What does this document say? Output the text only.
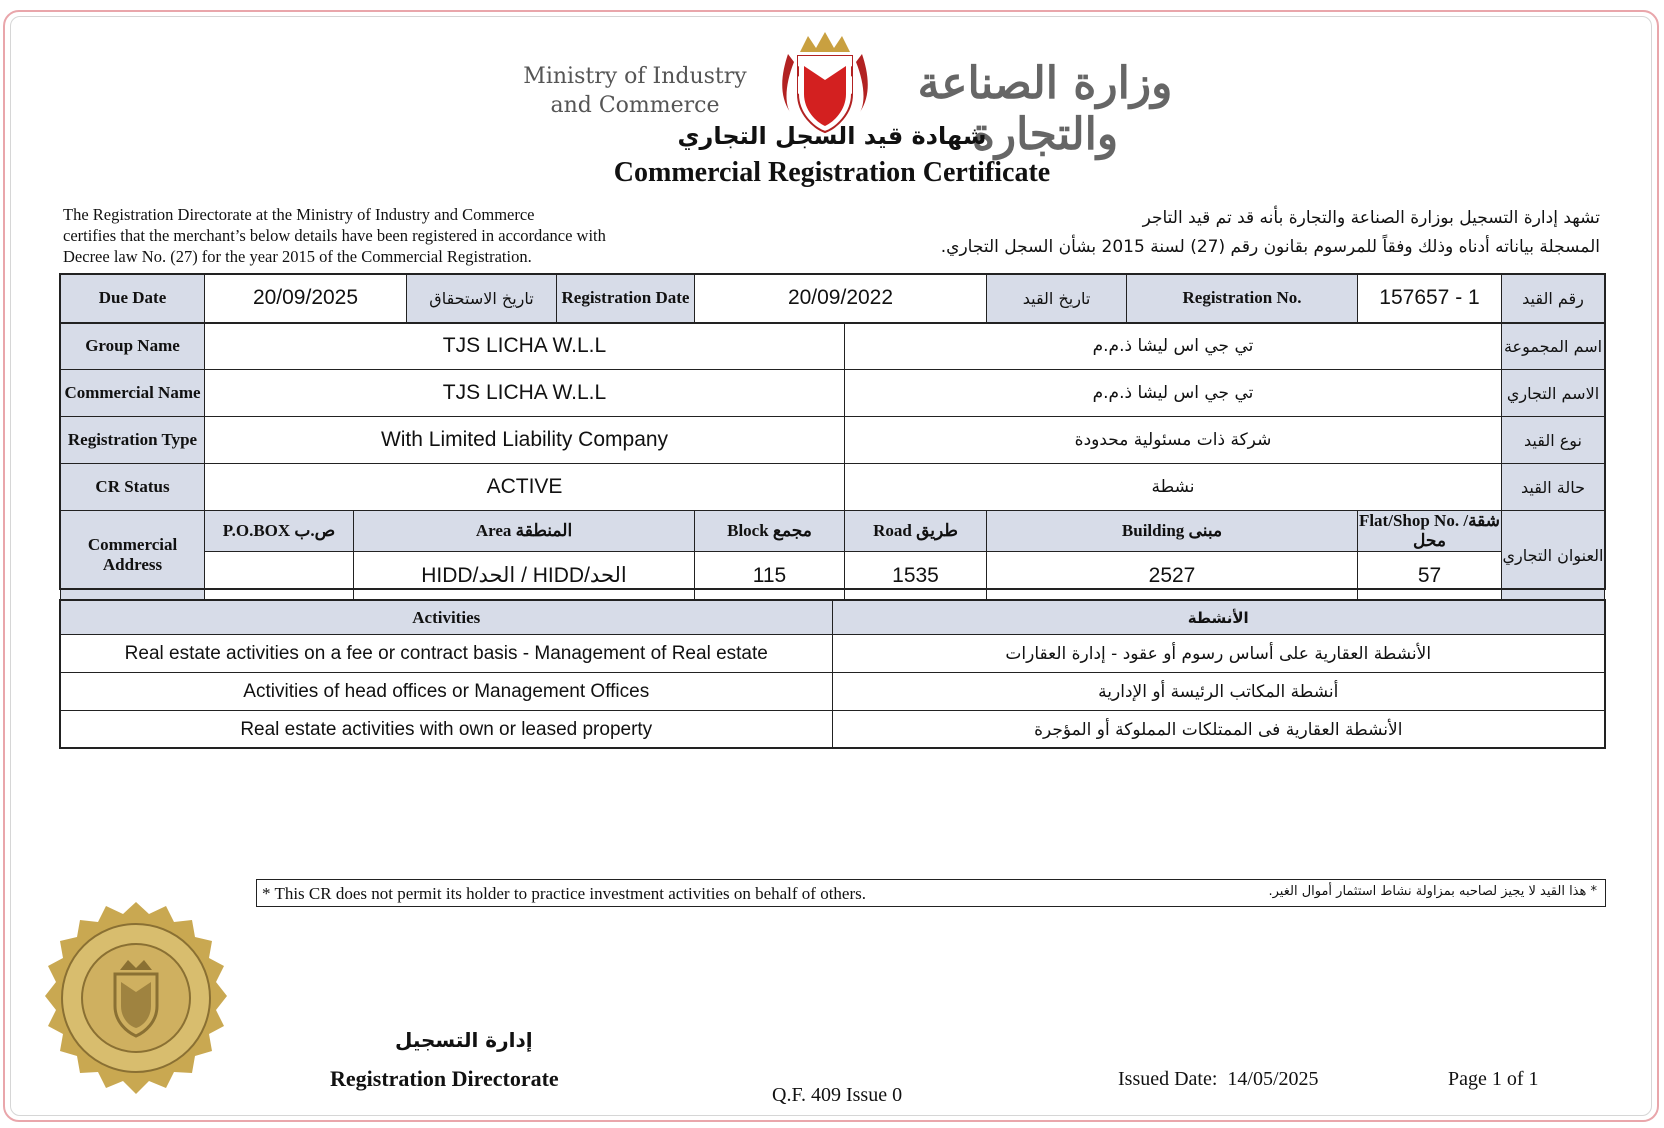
Ministry of Industry
and Commerce	وزارة الصناعة والتجارة
شهادة قيد السجل التجاري
Commercial Registration Certificate
The Registration Directorate at the Ministry of Industry and Commerce
certifies that the merchant’s below details have been registered in accordance with
Decree law No. (27) for the year 2015 of the Commercial Registration.
تشهد إدارة التسجيل بوزارة الصناعة والتجارة بأنه قد تم قيد التاجر
المسجلة بياناته أدناه وذلك وفقاً للمرسوم بقانون رقم (27) لسنة 2015 بشأن السجل التجاري.
Due Date	20/09/2025		تاريخ الاستحقاق	Registration Date	20/09/2022		تاريخ القيد	Registration No.	157657 - 1	رقم القيد
Group Name	TJS LICHA W.L.L					تي جي اس ليشا ذ.م.م				اسم المجموعة
Commercial Name	TJS LICHA W.L.L					تي جي اس ليشا ذ.م.م				الاسم التجاري
Registration Type	With Limited Liability Company					شركة ذات مسئولية محدودة				نوع القيد
CR Status	ACTIVE					نشطة				حالة القيد
Commercial Address	P.O.BOX ص.ب	Area المنطقة			Block مجمع	Road طريق	Building مبنى		Flat/Shop No. شقة/محل	العنوان التجاري
		HIDD/الحد / HIDD/الحد			115	1535	2527		57	
Activities	الأنشطة
Real estate activities on a fee or contract basis - Management of Real estate	الأنشطة العقارية على أساس رسوم أو عقود - إدارة العقارات
Activities of head offices or Management Offices	أنشطة المكاتب الرئيسة أو الإدارية
Real estate activities with own or leased property	الأنشطة العقارية فى الممتلكات المملوكة أو المؤجرة
* This CR does not permit its holder to practice investment activities on behalf of others.	* هذا القيد لا يجيز لصاحبه بمزاولة نشاط استثمار أموال الغير.
إدارة التسجيل
Registration Directorate
Q.F. 409 Issue 0
Issued Date:  14/05/2025	Page 1 of 1
